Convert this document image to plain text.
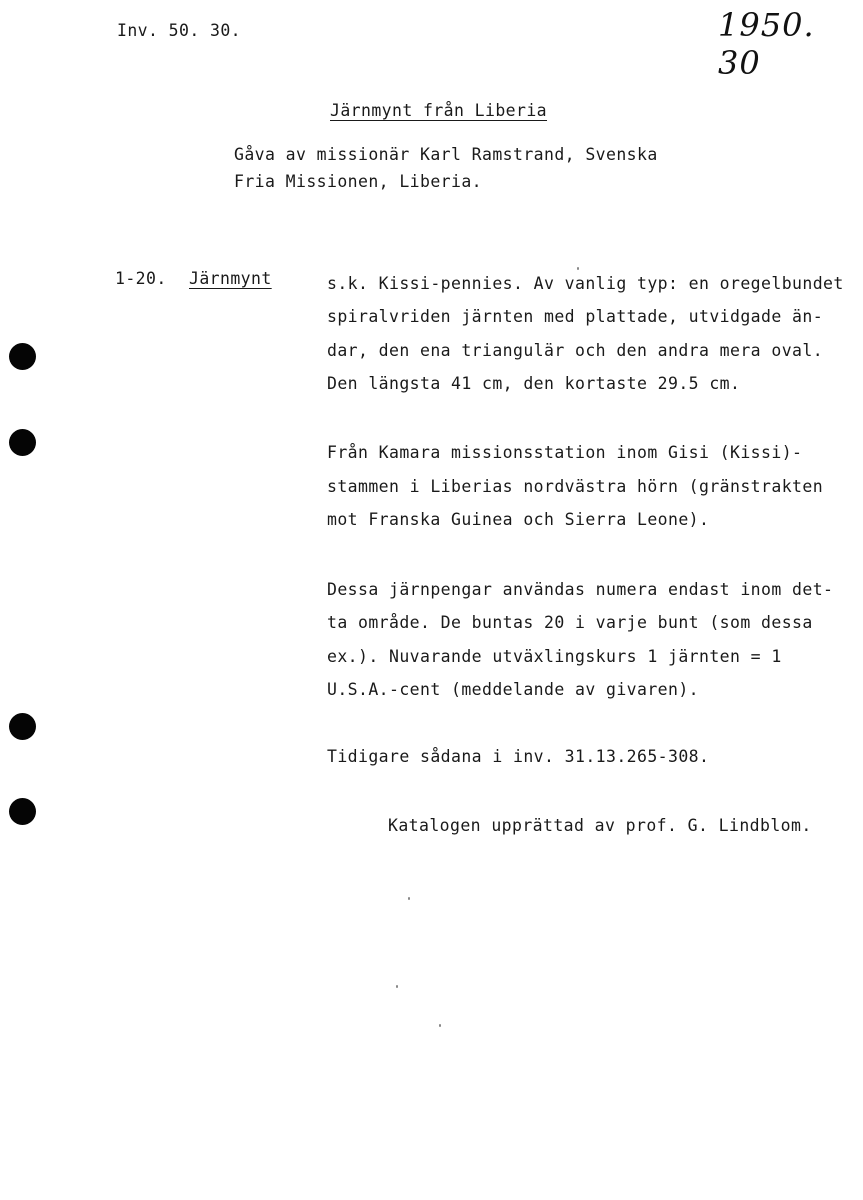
Inv. 50. 30.	1950. 30
Järnmynt från Liberia
Gåva av missionär Karl Ramstrand, Svenska
Fria Missionen, Liberia.
1-20. Järnmynt	s.k. Kissi-pennies. Av vanlig typ: en oregelbundet
spiralvriden järnten med plattade, utvidgade än-
dar, den ena triangulär och den andra mera oval.
Den längsta 41 cm, den kortaste 29.5 cm.
Från Kamara missionsstation inom Gisi (Kissi)-
stammen i Liberias nordvästra hörn (gränstrakten
mot Franska Guinea och Sierra Leone).
Dessa järnpengar användas numera endast inom det-
ta område. De buntas 20 i varje bunt (som dessa
ex.). Nuvarande utväxlingskurs 1 järnten = 1
U.S.A.-cent (meddelande av givaren).
Tidigare sådana i inv. 31.13.265-308.
Katalogen upprättad av prof. G. Lindblom.
